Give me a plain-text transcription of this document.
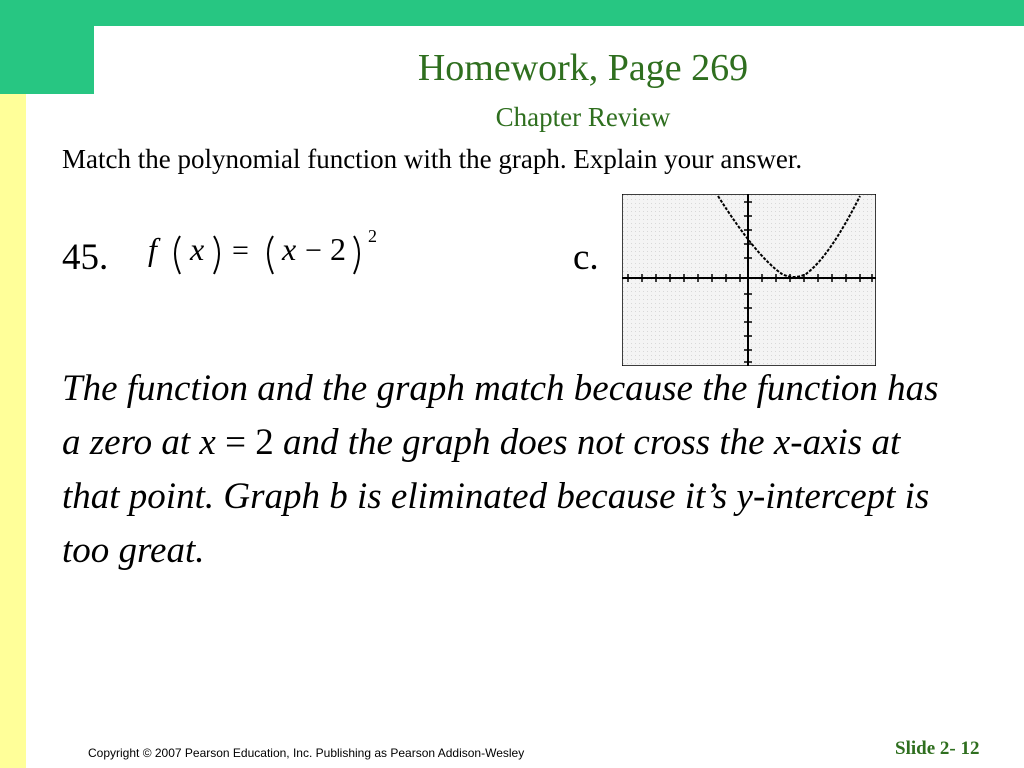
Homework, Page 269
Chapter Review
Match the polynomial function with the graph. Explain your answer.
45. f x = x − 2 2
c.
The function and the graph match because the function has a zero at x = 2 and the graph does not cross the x-axis at that point. Graph b is eliminated because it’s y-intercept is too great.
Copyright © 2007 Pearson Education, Inc. Publishing as Pearson Addison-Wesley	Slide 2- 12
